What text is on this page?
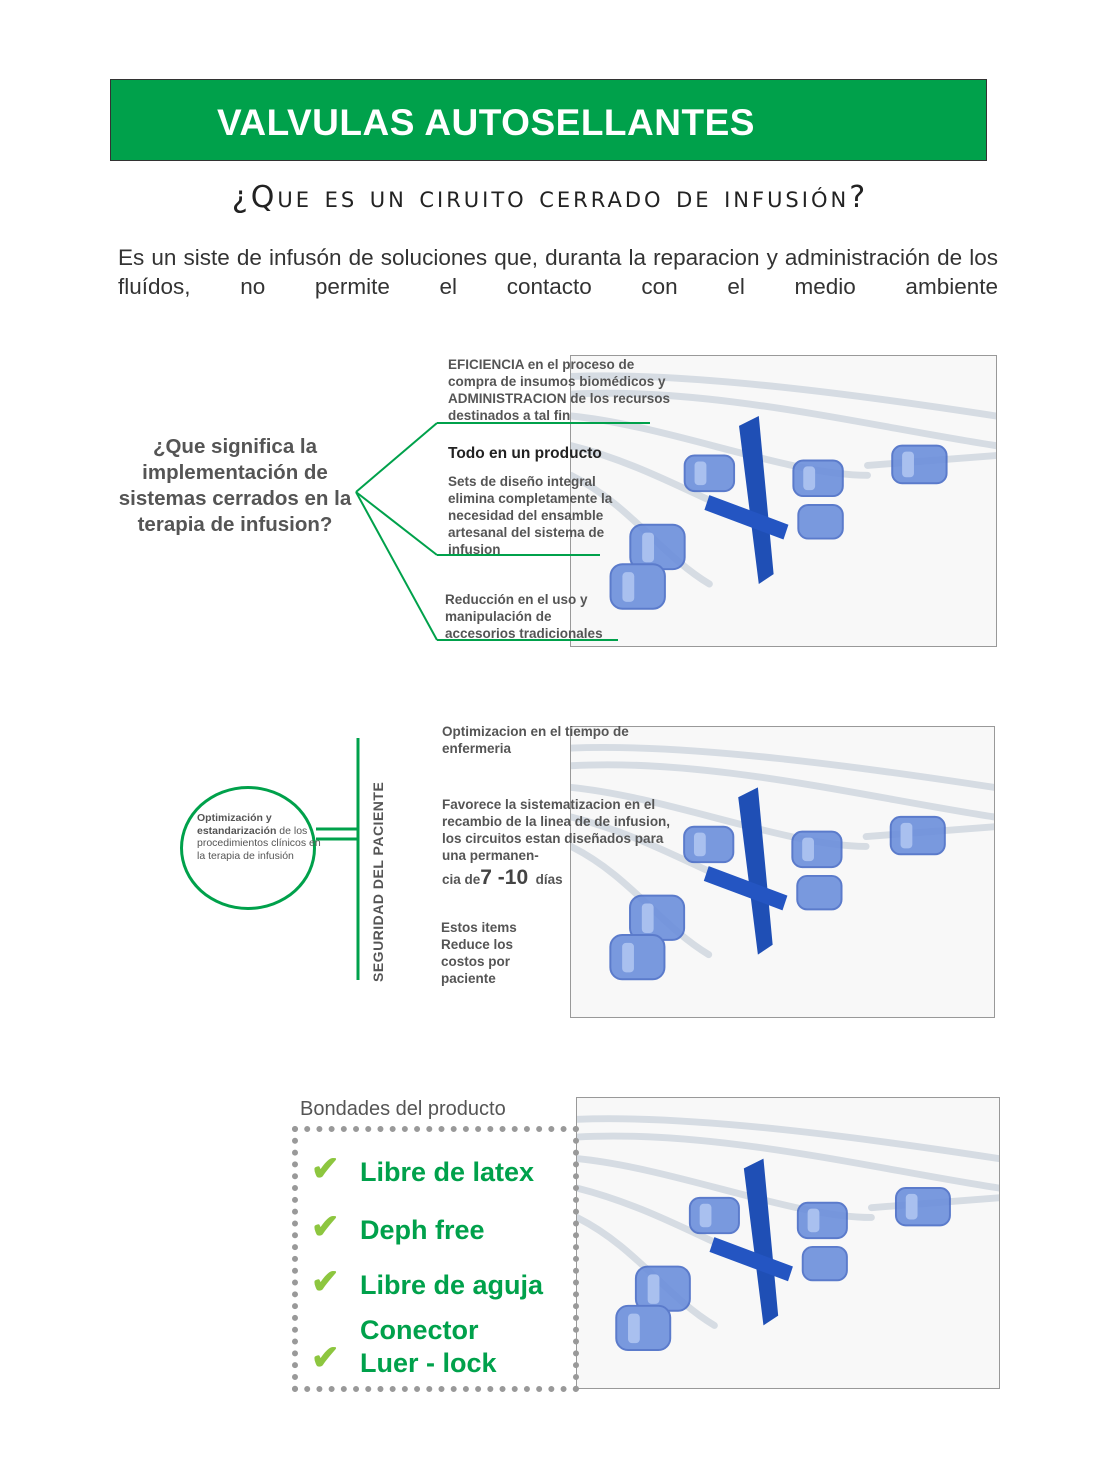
VALVULAS AUTOSELLANTES
¿Que es un ciruito cerrado de infusión?
Es un siste de infusón de soluciones que, duranta la reparacion y administración de los fluídos, no permite el contacto con el medio ambiente
¿Que significa la implementación de sistemas cerrados en la terapia de infusion?
EFICIENCIA en el proceso de compra de insumos biomédicos y ADMINISTRACION de los recursos destinados a tal fin
Todo en un producto
Sets de diseño integral elimina completamente la necesidad del ensamble artesanal del sistema de infusion
Reducción en el uso y manipulación de accesorios tradicionales
SEGURIDAD DEL PACIENTE
Optimización y estandarización de los procedimientos clínicos en la terapia de infusión
Optimizacion en el tiempo de enfermeria
Favorece la sistematizacion en el recambio de la linea de de infusion, los circuitos estan diseñados para una permanen-
cia de7 -10 días
Estos items Reduce los costos por paciente
Bondades del producto
✔ Libre de latex
✔ Deph free
✔ Libre de aguja
✔
Conector Luer - lock
